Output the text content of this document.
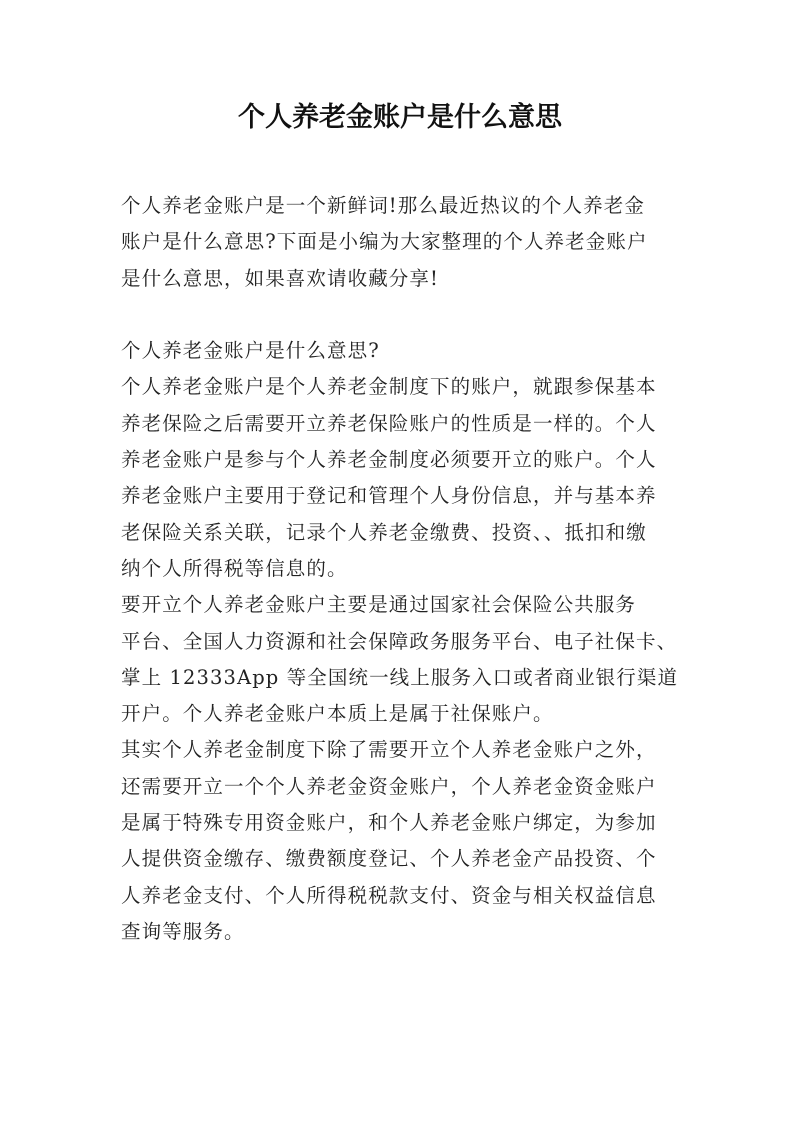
个人养老金账户是什么意思
个人养老金账户是一个新鲜词!那么最近热议的个人养老金
账户是什么意思?下面是小编为大家整理的个人养老金账户
是什么意思，如果喜欢请收藏分享!
个人养老金账户是什么意思?
个人养老金账户是个人养老金制度下的账户，就跟参保基本
养老保险之后需要开立养老保险账户的性质是一样的。个人
养老金账户是参与个人养老金制度必须要开立的账户。个人
养老金账户主要用于登记和管理个人身份信息，并与基本养
老保险关系关联，记录个人养老金缴费、投资、、抵扣和缴
纳个人所得税等信息的。
要开立个人养老金账户主要是通过国家社会保险公共服务
平台、全国人力资源和社会保障政务服务平台、电子社保卡、
掌上 12333App 等全国统一线上服务入口或者商业银行渠道
开户。个人养老金账户本质上是属于社保账户。
其实个人养老金制度下除了需要开立个人养老金账户之外，
还需要开立一个个人养老金资金账户，个人养老金资金账户
是属于特殊专用资金账户，和个人养老金账户绑定，为参加
人提供资金缴存、缴费额度登记、个人养老金产品投资、个
人养老金支付、个人所得税税款支付、资金与相关权益信息
查询等服务。
